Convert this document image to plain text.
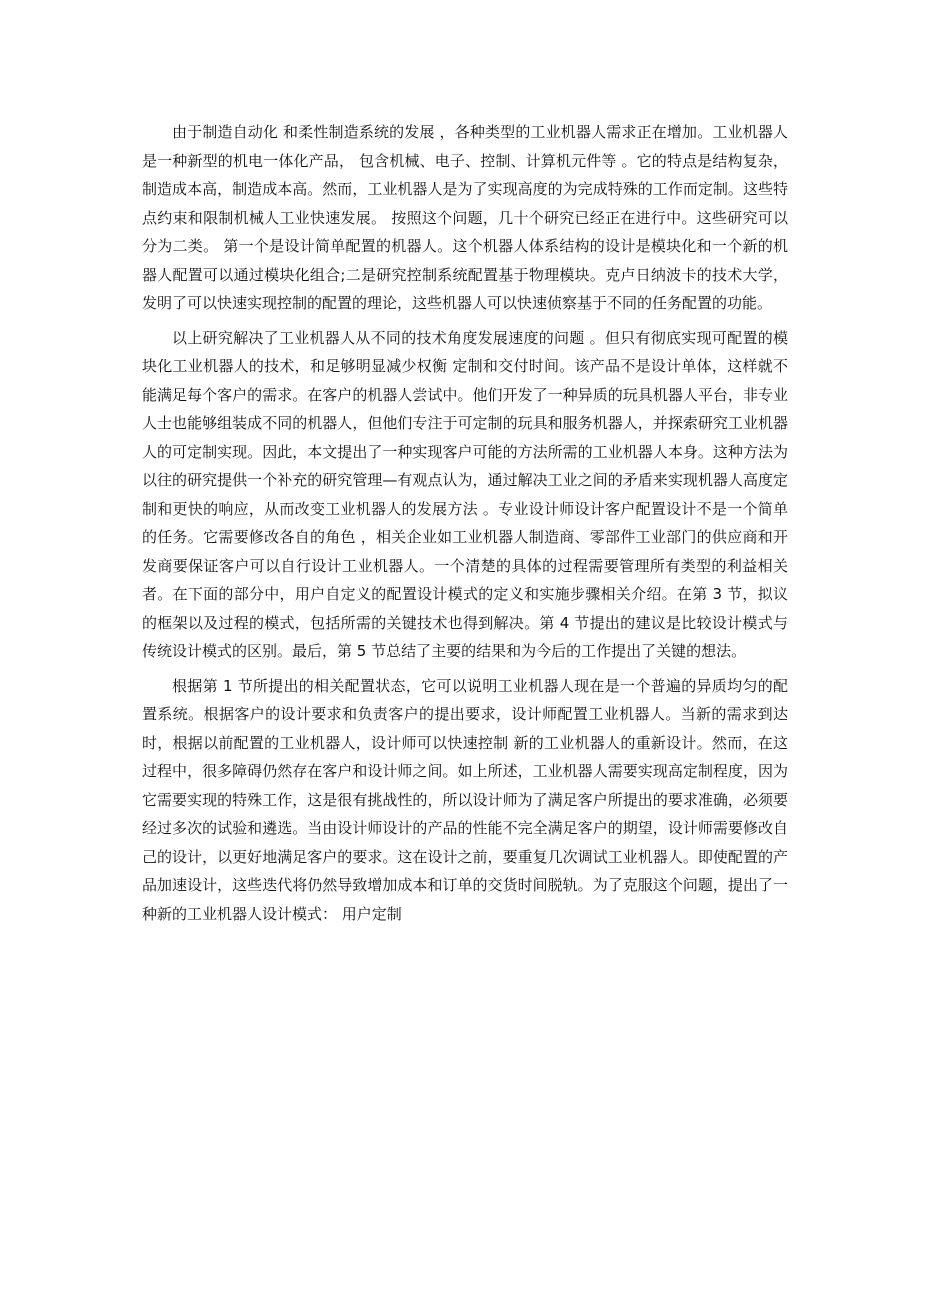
由于制造自动化 和柔性制造系统的发展 ，各种类型的工业机器人需求正在增加。工业机器人是一种新型的机电一体化产品， 包含机械、电子、控制、计算机元件等 。它的特点是结构复杂，制造成本高，制造成本高。然而，工业机器人是为了实现高度的为完成特殊的工作而定制。这些特点约束和限制机械人工业快速发展。 按照这个问题，几十个研究已经正在进行中。这些研究可以分为二类。 第一个是设计简单配置的机器人。这个机器人体系结构的设计是模块化和一个新的机器人配置可以通过模块化组合;二是研究控制系统配置基于物理模块。克卢日纳波卡的技术大学，发明了可以快速实现控制的配置的理论，这些机器人可以快速侦察基于不同的任务配置的功能。

以上研究解决了工业机器人从不同的技术角度发展速度的问题 。但只有彻底实现可配置的模块化工业机器人的技术，和足够明显减少权衡 定制和交付时间。该产品不是设计单体，这样就不能满足每个客户的需求。在客户的机器人尝试中。他们开发了一种异质的玩具机器人平台，非专业人士也能够组装成不同的机器人，但他们专注于可定制的玩具和服务机器人，并探索研究工业机器人的可定制实现。因此，本文提出了一种实现客户可能的方法所需的工业机器人本身。这种方法为以往的研究提供一个补充的研究管理—有观点认为，通过解决工业之间的矛盾来实现机器人高度定制和更快的响应，从而改变工业机器人的发展方法 。专业设计师设计客户配置设计不是一个简单的任务。它需要修改各自的角色 ，相关企业如工业机器人制造商、零部件工业部门的供应商和开发商要保证客户可以自行设计工业机器人。一个清楚的具体的过程需要管理所有类型的利益相关者。在下面的部分中，用户自定义的配置设计模式的定义和实施步骤相关介绍。在第 3 节，拟议的框架以及过程的模式，包括所需的关键技术也得到解决。第 4 节提出的建议是比较设计模式与传统设计模式的区别。最后，第 5 节总结了主要的结果和为今后的工作提出了关键的想法。

根据第 1 节所提出的相关配置状态，它可以说明工业机器人现在是一个普遍的异质均匀的配置系统。根据客户的设计要求和负责客户的提出要求，设计师配置工业机器人。当新的需求到达时，根据以前配置的工业机器人，设计师可以快速控制 新的工业机器人的重新设计。然而，在这过程中，很多障碍仍然存在客户和设计师之间。如上所述，工业机器人需要实现高定制程度，因为它需要实现的特殊工作，这是很有挑战性的，所以设计师为了满足客户所提出的要求准确，必须要经过多次的试验和遴选。当由设计师设计的产品的性能不完全满足客户的期望，设计师需要修改自己的设计，以更好地满足客户的要求。这在设计之前，要重复几次调试工业机器人。即使配置的产品加速设计，这些迭代将仍然导致增加成本和订单的交货时间脱轨。为了克服这个问题，提出了一种新的工业机器人设计模式： 用户定制
